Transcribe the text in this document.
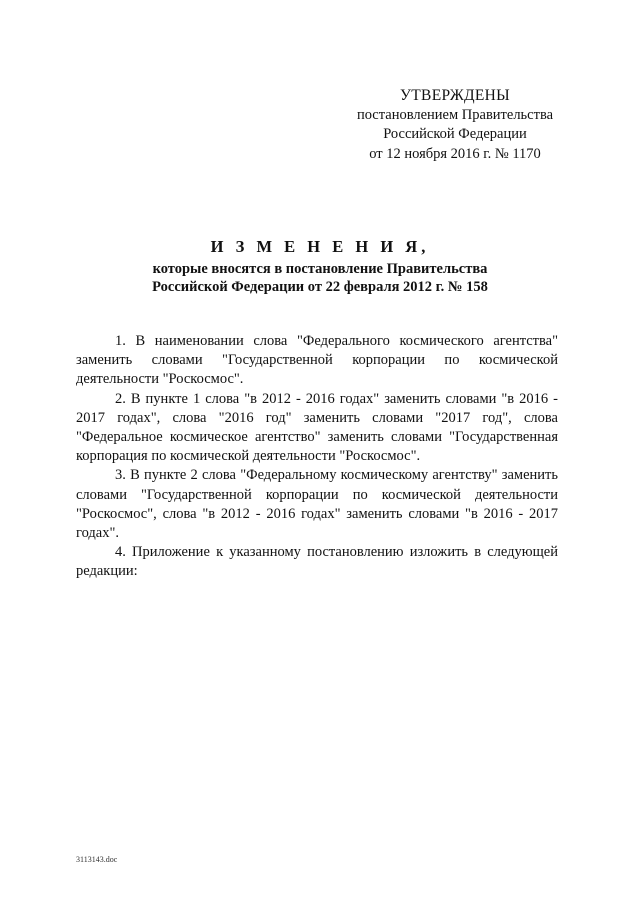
УТВЕРЖДЕНЫ
постановлением Правительства
Российской Федерации
от 12 ноября 2016 г. № 1170
И З М Е Н Е Н И Я,
которые вносятся в постановление Правительства
Российской Федерации от 22 февраля 2012 г. № 158

1. В наименовании слова "Федерального космического агентства" заменить словами "Государственной корпорации по космической деятельности "Роскосмос".

2. В пункте 1 слова "в 2012 - 2016 годах" заменить словами "в 2016 - 2017 годах", слова "2016 год" заменить словами "2017 год", слова "Федеральное космическое агентство" заменить словами "Государственная корпорация по космической деятельности "Роскосмос".

3. В пункте 2 слова "Федеральному космическому агентству" заменить словами "Государственной корпорации по космической деятельности "Роскосмос", слова "в 2012 - 2016 годах" заменить словами "в 2016 - 2017 годах".

4. Приложение к указанному постановлению изложить в следующей редакции:

3113143.doc
